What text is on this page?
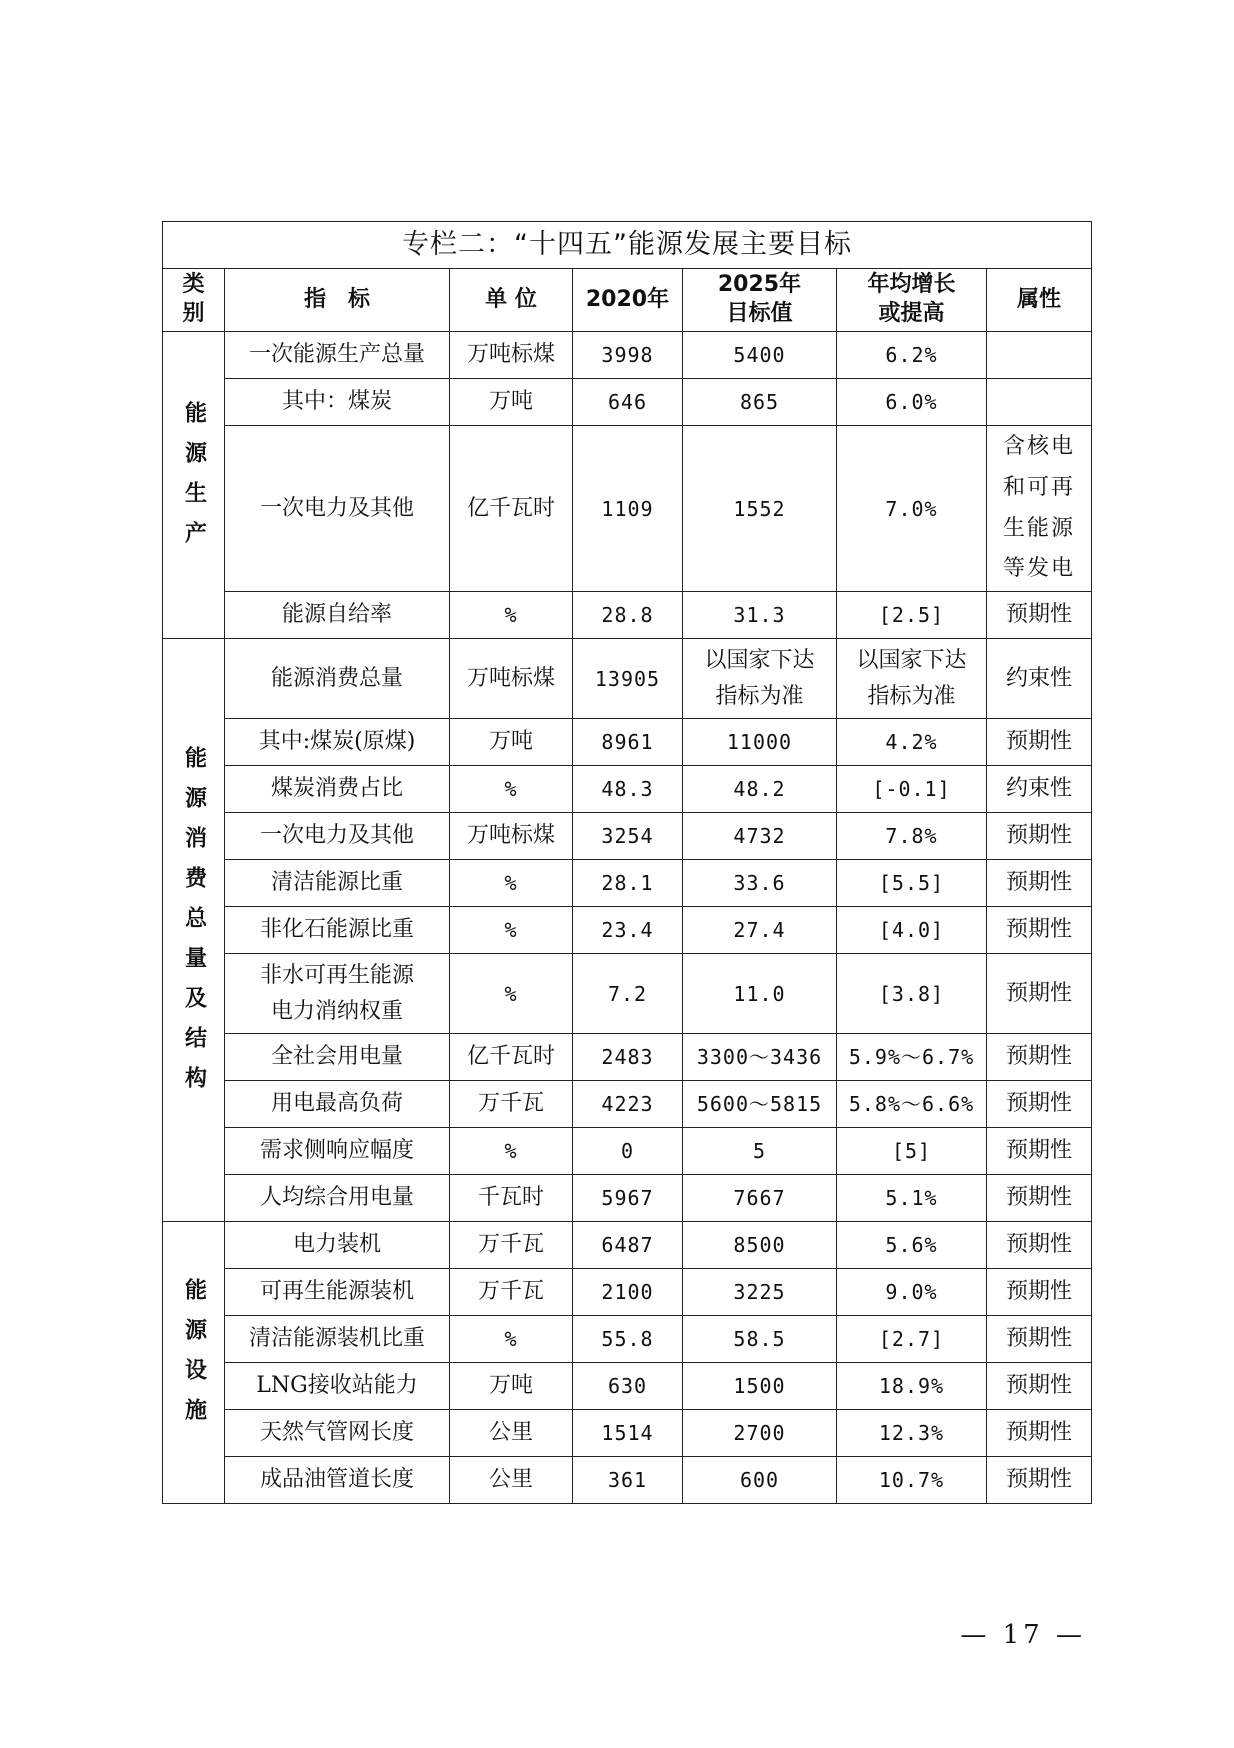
专栏二：“十四五”能源发展主要目标						
类别	指　标	单 位	2020年	2025年目标值	年均增长或提高	属性
能源生产	一次能源生产总量	万吨标煤	3998	5400	6.2%	
	其中：煤炭	万吨	646	865	6.0%	
	一次电力及其他	亿千瓦时	1109	1552	7.0%	含核电和可再生能源等发电
	能源自给率	%	28.8	31.3	[2.5]	预期性
能源消费总量及结构	能源消费总量	万吨标煤	13905	以国家下达指标为准	以国家下达指标为准	约束性
	其中:煤炭(原煤)	万吨	8961	11000	4.2%	预期性
	煤炭消费占比	%	48.3	48.2	[-0.1]	约束性
	一次电力及其他	万吨标煤	3254	4732	7.8%	预期性
	清洁能源比重	%	28.1	33.6	[5.5]	预期性
	非化石能源比重	%	23.4	27.4	[4.0]	预期性
	非水可再生能源电力消纳权重	%	7.2	11.0	[3.8]	预期性
	全社会用电量	亿千瓦时	2483	3300～3436	5.9%～6.7%	预期性
	用电最高负荷	万千瓦	4223	5600～5815	5.8%～6.6%	预期性
	需求侧响应幅度	%	0	5	[5]	预期性
	人均综合用电量	千瓦时	5967	7667	5.1%	预期性
能源设施	电力装机	万千瓦	6487	8500	5.6%	预期性
	可再生能源装机	万千瓦	2100	3225	9.0%	预期性
	清洁能源装机比重	%	55.8	58.5	[2.7]	预期性
	LNG接收站能力	万吨	630	1500	18.9%	预期性
	天然气管网长度	公里	1514	2700	12.3%	预期性
	成品油管道长度	公里	361	600	10.7%	预期性
— 17 —
